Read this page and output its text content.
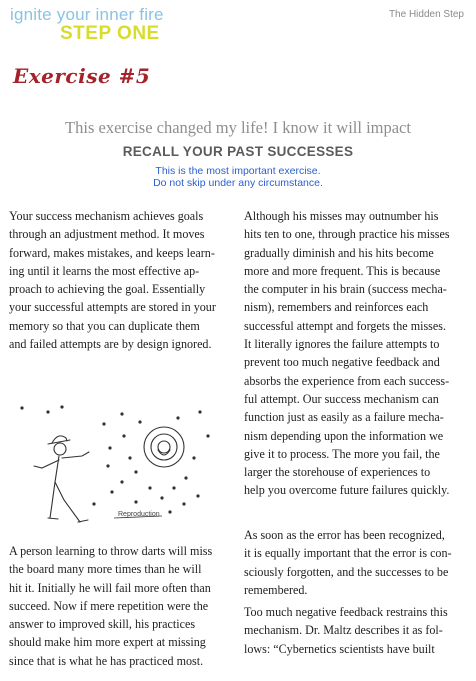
ignite your inner fire
STEP ONE
The Hidden Step
Exercise #5
This exercise changed my life! I know it will impact
RECALL YOUR PAST SUCCESSES
This is the most important exercise.
Do not skip under any circumstance.

Your success mechanism achieves goals
through an adjustment method. It moves
forward, makes mistakes, and keeps learn-
ing until it learns the most effective ap-
proach to achieving the goal. Essentially
your successful attempts are stored in your
memory so that you can duplicate them
and failed attempts are by design ignored.

Reproduction

A person learning to throw darts will miss
the board many more times than he will
hit it. Initially he will fail more often than
succeed. Now if mere repetition were the
answer to improved skill, his practices
should make him more expert at missing
since that is what he has practiced most.

Although his misses may outnumber his
hits ten to one, through practice his misses
gradually diminish and his hits become
more and more frequent. This is because
the computer in his brain (success mecha-
nism), remembers and reinforces each
successful attempt and forgets the misses.
It literally ignores the failure attempts to
prevent too much negative feedback and
absorbs the experience from each success-
ful attempt. Our success mechanism can
function just as easily as a failure mecha-
nism depending upon the information we
give it to process. The more you fail, the
larger the storehouse of experiences to
help you overcome future failures quickly.

As soon as the error has been recognized,
it is equally important that the error is con-
sciously forgotten, and the successes to be
remembered.

Too much negative feedback restrains this
mechanism. Dr. Maltz describes it as fol-
lows: “Cybernetics scientists have built
